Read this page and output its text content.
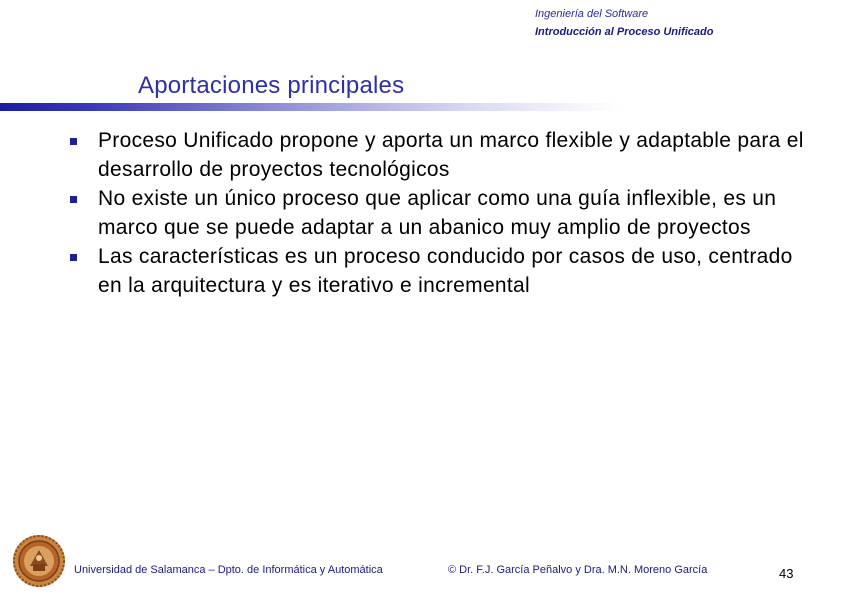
Ingeniería del Software
Introducción al Proceso Unificado
Aportaciones principales
Proceso Unificado propone y aporta un marco flexible y adaptable para el desarrollo de proyectos tecnológicos
No existe un único proceso que aplicar como una guía inflexible, es un marco que se puede adaptar a un abanico muy amplio de proyectos
Las características es un proceso conducido por casos de uso, centrado en la arquitectura y es iterativo e incremental
Universidad de Salamanca – Dpto. de Informática y Automática	© Dr. F.J. García Peñalvo y Dra. M.N. Moreno García	43
